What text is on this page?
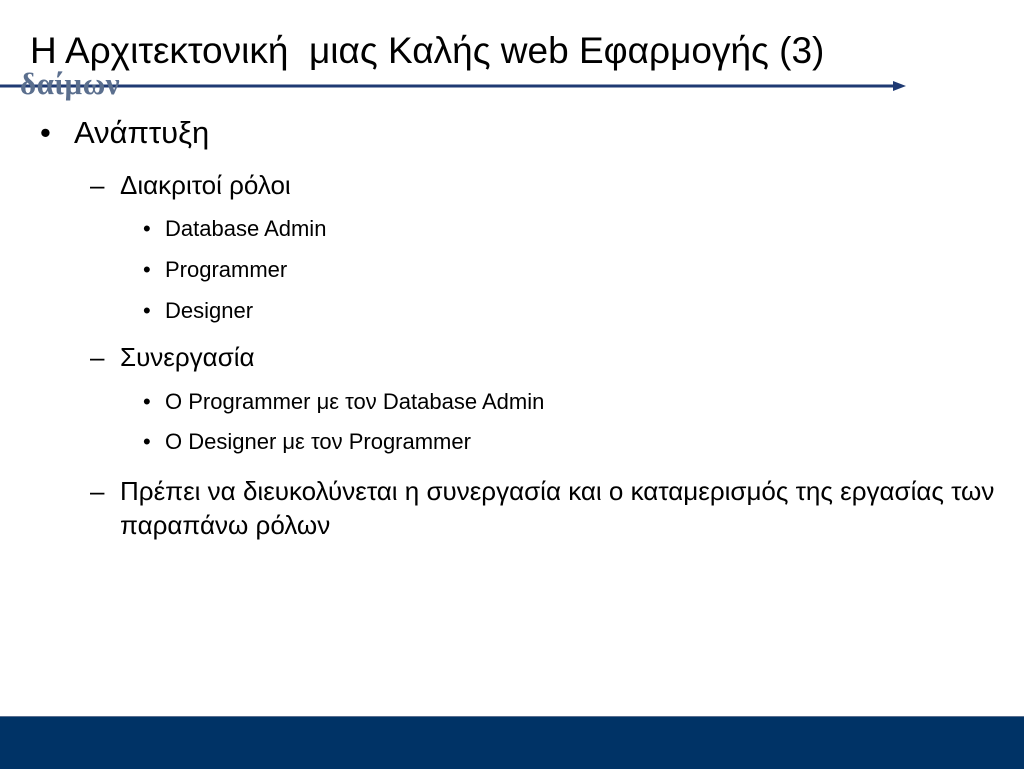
Η Αρχιτεκτονική  μιας Καλής web Εφαρμογής (3)
δαίμων
• Ανάπτυξη
– Διακριτοί ρόλοι
• Database Admin
• Programmer
• Designer
– Συνεργασία
• O Programmer με τον Database Admin
• O Designer με τον Programmer
– Πρέπει να διευκολύνεται η συνεργασία και ο καταμερισμός της εργασίας των παραπάνω ρόλων
